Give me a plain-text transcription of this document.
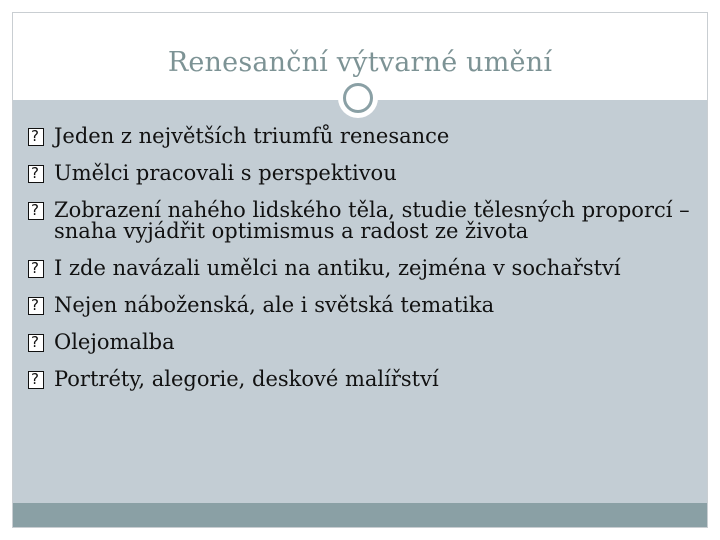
Renesanční výtvarné umění
?
Jeden z největších triumfů renesance
?
Umělci pracovali s perspektivou
?
Zobrazení nahého lidského těla, studie tělesných proporcí – snaha vyjádřit optimismus a radost ze života
?
I zde navázali umělci na antiku, zejména v sochařství
?
Nejen náboženská, ale i světská tematika
?
Olejomalba
?
Portréty, alegorie, deskové malířství
